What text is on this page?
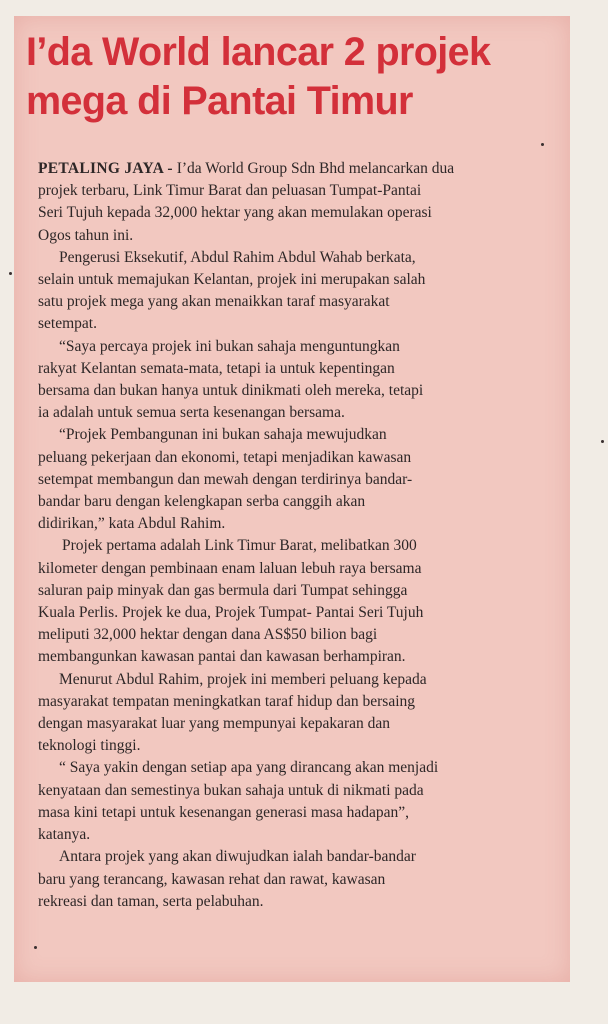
I’da World lancar 2 projek
mega di Pantai Timur

PETALING JAYA - I’da World Group Sdn Bhd melancarkan dua
projek terbaru, Link Timur Barat dan peluasan Tumpat-Pantai
Seri Tujuh kepada 32,000 hektar yang akan memulakan operasi
Ogos tahun ini.

Pengerusi Eksekutif, Abdul Rahim Abdul Wahab berkata,
selain untuk memajukan Kelantan, projek ini merupakan salah
satu projek mega yang akan menaikkan taraf masyarakat
setempat.

“Saya percaya projek ini bukan sahaja menguntungkan
rakyat Kelantan semata-mata, tetapi ia untuk kepentingan
bersama dan bukan hanya untuk dinikmati oleh mereka, tetapi
ia adalah untuk semua serta kesenangan bersama.

“Projek Pembangunan ini bukan sahaja mewujudkan
peluang pekerjaan dan ekonomi, tetapi menjadikan kawasan
setempat membangun dan mewah dengan terdirinya bandar-
bandar baru dengan kelengkapan serba canggih akan
didirikan,” kata Abdul Rahim.

Projek pertama adalah Link Timur Barat, melibatkan 300
kilometer dengan pembinaan enam laluan lebuh raya bersama
saluran paip minyak dan gas bermula dari Tumpat sehingga
Kuala Perlis. Projek ke dua, Projek Tumpat- Pantai Seri Tujuh
meliputi 32,000 hektar dengan dana AS$50 bilion bagi
membangunkan kawasan pantai dan kawasan berhampiran.

Menurut Abdul Rahim, projek ini memberi peluang kepada
masyarakat tempatan meningkatkan taraf hidup dan bersaing
dengan masyarakat luar yang mempunyai kepakaran dan
teknologi tinggi.

“ Saya yakin dengan setiap apa yang dirancang akan menjadi
kenyataan dan semestinya bukan sahaja untuk di nikmati pada
masa kini tetapi untuk kesenangan generasi masa hadapan”,
katanya.

Antara projek yang akan diwujudkan ialah bandar-bandar
baru yang terancang, kawasan rehat dan rawat, kawasan
rekreasi dan taman, serta pelabuhan.
